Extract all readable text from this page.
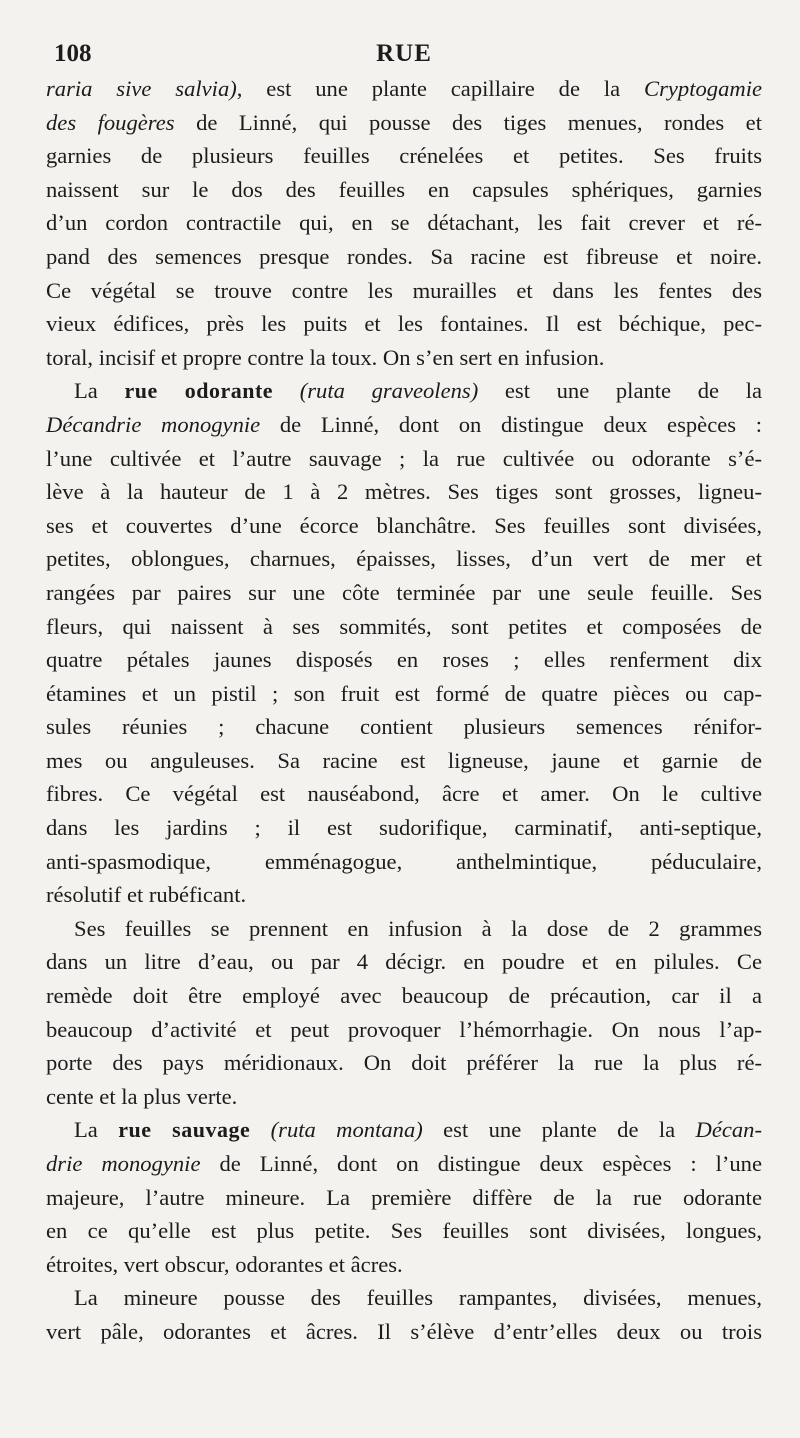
108	RUE
raria sive salvia), est une plante capillaire de la Cryptogamie
des fougères de Linné, qui pousse des tiges menues, rondes et
garnies de plusieurs feuilles crénelées et petites. Ses fruits
naissent sur le dos des feuilles en capsules sphériques, garnies
d’un cordon contractile qui, en se détachant, les fait crever et ré-
pand des semences presque rondes. Sa racine est fibreuse et noire.
Ce végétal se trouve contre les murailles et dans les fentes des
vieux édifices, près les puits et les fontaines. Il est béchique, pec-
toral, incisif et propre contre la toux. On s’en sert en infusion.
La rue odorante (ruta graveolens) est une plante de la
Décandrie monogynie de Linné, dont on distingue deux espèces :
l’une cultivée et l’autre sauvage ; la rue cultivée ou odorante s’é-
lève à la hauteur de 1 à 2 mètres. Ses tiges sont grosses, ligneu-
ses et couvertes d’une écorce blanchâtre. Ses feuilles sont divisées,
petites, oblongues, charnues, épaisses, lisses, d’un vert de mer et
rangées par paires sur une côte terminée par une seule feuille. Ses
fleurs, qui naissent à ses sommités, sont petites et composées de
quatre pétales jaunes disposés en roses ; elles renferment dix
étamines et un pistil ; son fruit est formé de quatre pièces ou cap-
sules réunies ; chacune contient plusieurs semences rénifor-
mes ou anguleuses. Sa racine est ligneuse, jaune et garnie de
fibres. Ce végétal est nauséabond, âcre et amer. On le cultive
dans les jardins ; il est sudorifique, carminatif, anti-septique,
anti-spasmodique, emménagogue, anthelmintique, péduculaire,
résolutif et rubéficant.
Ses feuilles se prennent en infusion à la dose de 2 grammes
dans un litre d’eau, ou par 4 décigr. en poudre et en pilules. Ce
remède doit être employé avec beaucoup de précaution, car il a
beaucoup d’activité et peut provoquer l’hémorrhagie. On nous l’ap-
porte des pays méridionaux. On doit préférer la rue la plus ré-
cente et la plus verte.
La rue sauvage (ruta montana) est une plante de la Décan-
drie monogynie de Linné, dont on distingue deux espèces : l’une
majeure, l’autre mineure. La première diffère de la rue odorante
en ce qu’elle est plus petite. Ses feuilles sont divisées, longues,
étroites, vert obscur, odorantes et âcres.
La mineure pousse des feuilles rampantes, divisées, menues,
vert pâle, odorantes et âcres. Il s’élève d’entr’elles deux ou trois
